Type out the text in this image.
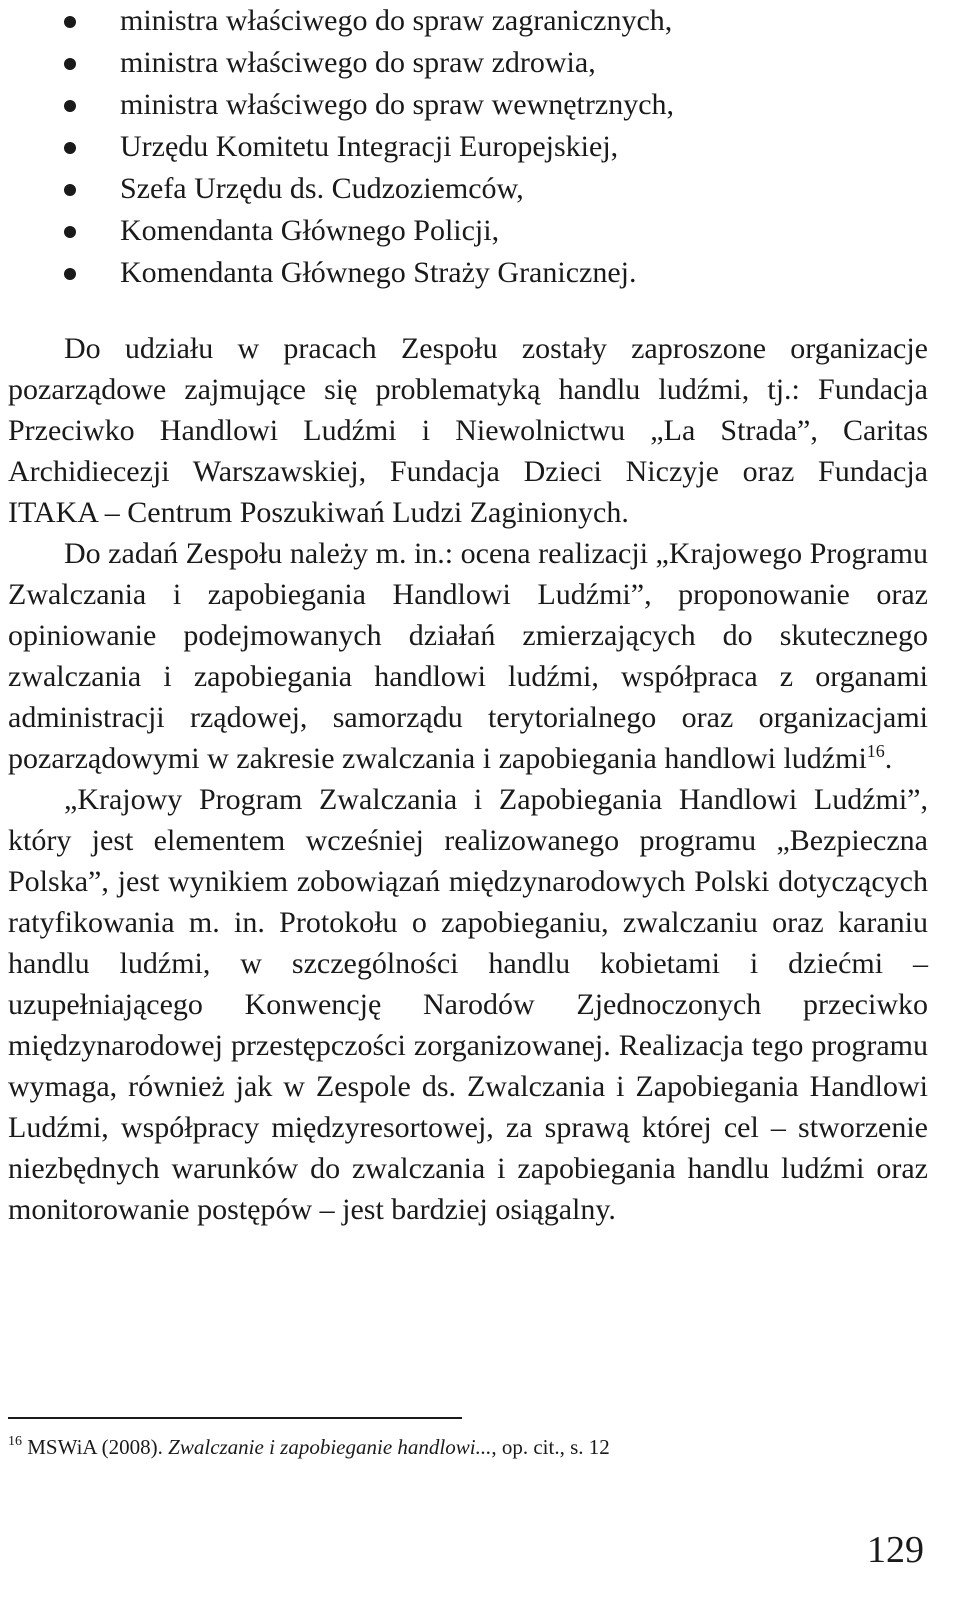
ministra właściwego do spraw zagranicznych,
ministra właściwego do spraw zdrowia,
ministra właściwego do spraw wewnętrznych,
Urzędu Komitetu Integracji Europejskiej,
Szefa Urzędu ds. Cudzoziemców,
Komendanta Głównego Policji,
Komendanta Głównego Straży Granicznej.

Do udziału w pracach Zespołu zostały zaproszone organizacje pozarządowe zajmujące się problematyką handlu ludźmi, tj.: Fundacja Przeciwko Handlowi Ludźmi i Niewolnictwu „La Strada”, Caritas Archidiecezji Warszawskiej, Fundacja Dzieci Niczyje oraz Fundacja ITAKA – Centrum Poszukiwań Ludzi Zaginionych.

Do zadań Zespołu należy m. in.: ocena realizacji „Krajowego Programu Zwalczania i zapobiegania Handlowi Ludźmi”, proponowanie oraz opiniowanie podejmowanych działań zmierzających do skutecznego zwalczania i zapobiegania handlowi ludźmi, współpraca z organami administracji rządowej, samorządu terytorialnego oraz organizacjami pozarządowymi w zakresie zwalczania i zapobiegania handlowi ludźmi$^{16}$.

„Krajowy Program Zwalczania i Zapobiegania Handlowi Ludźmi”, który jest elementem wcześniej realizowanego programu „Bezpieczna Polska”, jest wynikiem zobowiązań międzynarodowych Polski dotyczących ratyfikowania m. in. Protokołu o zapobieganiu, zwalczaniu oraz karaniu handlu ludźmi, w szczególności handlu kobietami i dziećmi – uzupełniającego Konwencję Narodów Zjednoczonych przeciwko międzynarodowej przestępczości zorganizowanej. Realizacja tego programu wymaga, również jak w Zespole ds. Zwalczania i Zapobiegania Handlowi Ludźmi, współpracy międzyresortowej, za sprawą której cel – stworzenie niezbędnych warunków do zwalczania i zapobiegania handlu ludźmi oraz monitorowanie postępów – jest bardziej osiągalny.

$^{16}$ MSWiA (2008). Zwalczanie i zapobieganie handlowi..., op. cit., s. 12
129
